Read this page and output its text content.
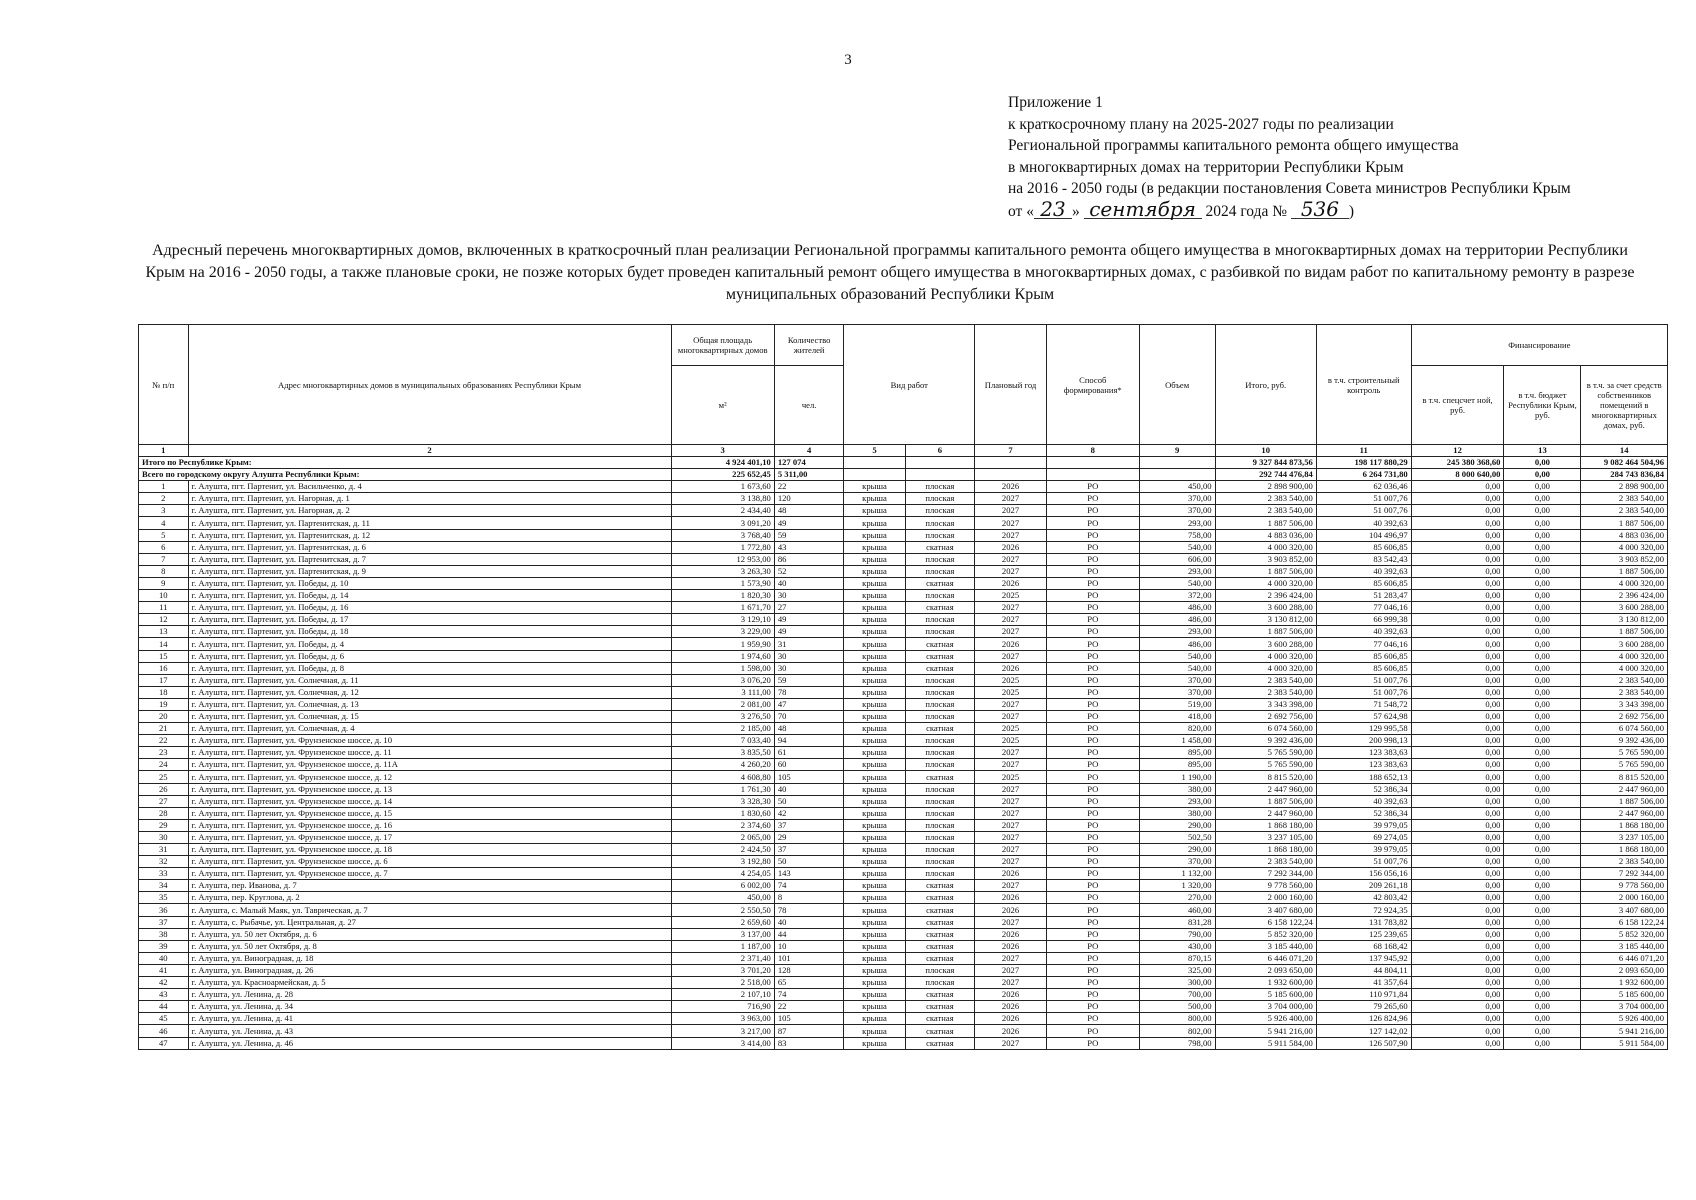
3
Приложение 1
к краткосрочному плану на 2025-2027 годы по реализации
Региональной программы капитального ремонта общего имущества
в многоквартирных домах на территории Республики Крым
на 2016 - 2050 годы (в редакции постановления Совета министров Республики Крым
от « 23 » сентября 2024 года № 536 )
Адресный перечень многоквартирных домов, включенных в краткосрочный план реализации Региональной программы капитального ремонта общего имущества в многоквартирных домах на территории Республики Крым на 2016 - 2050 годы, а также плановые сроки, не позже которых будет проведен капитальный ремонт общего имущества в многоквартирных домах, с разбивкой по видам работ по капитальному ремонту в разрезе муниципальных образований Республики Крым
№ п/п	Адрес многоквартирных домов в муниципальных образованиях Республики Крым	Общая площадь многоквартирных домов	Количество жителей	Вид работ		Плановый год	Способ формирования*	Объем	Итого, руб.	в т.ч. строительный контроль	Финансирование		
		м²	чел.								в т.ч. спецсчет ной, руб.	в т.ч. бюджет Республики Крым, руб.	в т.ч. за счет средств собственников помещений в многоквартирных домах, руб.
1	2	3	4	5	6	7	8	9	10	11	12	13	14
Итого по Республике Крым:		4 924 401,10	127 074						9 327 844 873,56	198 117 880,29	245 380 368,60	0,00	9 082 464 504,96
Всего по городскому округу Алушта Республики Крым:		225 652,45	5 311,00						292 744 476,84	6 264 731,80	8 000 640,00	0,00	284 743 836,84
1	г. Алушта, пгт. Партенит, ул. Васильченко, д. 4	1 673,60	22	крыша	плоская	2026	РО	450,00	2 898 900,00	62 036,46	0,00	0,00	2 898 900,00
2	г. Алушта, пгт. Партенит, ул. Нагорная, д. 1	3 138,80	120	крыша	плоская	2027	РО	370,00	2 383 540,00	51 007,76	0,00	0,00	2 383 540,00
3	г. Алушта, пгт. Партенит, ул. Нагорная, д. 2	2 434,40	48	крыша	плоская	2027	РО	370,00	2 383 540,00	51 007,76	0,00	0,00	2 383 540,00
4	г. Алушта, пгт. Партенит, ул. Партенитская, д. 11	3 091,20	49	крыша	плоская	2027	РО	293,00	1 887 506,00	40 392,63	0,00	0,00	1 887 506,00
5	г. Алушта, пгт. Партенит, ул. Партенитская, д. 12	3 768,40	59	крыша	плоская	2027	РО	758,00	4 883 036,00	104 496,97	0,00	0,00	4 883 036,00
6	г. Алушта, пгт. Партенит, ул. Партенитская, д. 6	1 772,80	43	крыша	скатная	2026	РО	540,00	4 000 320,00	85 606,85	0,00	0,00	4 000 320,00
7	г. Алушта, пгт. Партенит, ул. Партенитская, д. 7	12 953,00	86	крыша	плоская	2027	РО	606,00	3 903 852,00	83 542,43	0,00	0,00	3 903 852,00
8	г. Алушта, пгт. Партенит, ул. Партенитская, д. 9	3 263,30	52	крыша	плоская	2027	РО	293,00	1 887 506,00	40 392,63	0,00	0,00	1 887 506,00
9	г. Алушта, пгт. Партенит, ул. Победы, д. 10	1 573,90	40	крыша	скатная	2026	РО	540,00	4 000 320,00	85 606,85	0,00	0,00	4 000 320,00
10	г. Алушта, пгт. Партенит, ул. Победы, д. 14	1 820,30	30	крыша	плоская	2025	РО	372,00	2 396 424,00	51 283,47	0,00	0,00	2 396 424,00
11	г. Алушта, пгт. Партенит, ул. Победы, д. 16	1 671,70	27	крыша	скатная	2027	РО	486,00	3 600 288,00	77 046,16	0,00	0,00	3 600 288,00
12	г. Алушта, пгт. Партенит, ул. Победы, д. 17	3 129,10	49	крыша	плоская	2027	РО	486,00	3 130 812,00	66 999,38	0,00	0,00	3 130 812,00
13	г. Алушта, пгт. Партенит, ул. Победы, д. 18	3 229,00	49	крыша	плоская	2027	РО	293,00	1 887 506,00	40 392,63	0,00	0,00	1 887 506,00
14	г. Алушта, пгт. Партенит, ул. Победы, д. 4	1 959,90	31	крыша	скатная	2026	РО	486,00	3 600 288,00	77 046,16	0,00	0,00	3 600 288,00
15	г. Алушта, пгт. Партенит, ул. Победы, д. 6	1 974,60	30	крыша	скатная	2027	РО	540,00	4 000 320,00	85 606,85	0,00	0,00	4 000 320,00
16	г. Алушта, пгт. Партенит, ул. Победы, д. 8	1 598,00	30	крыша	скатная	2026	РО	540,00	4 000 320,00	85 606,85	0,00	0,00	4 000 320,00
17	г. Алушта, пгт. Партенит, ул. Солнечная, д. 11	3 076,20	59	крыша	плоская	2025	РО	370,00	2 383 540,00	51 007,76	0,00	0,00	2 383 540,00
18	г. Алушта, пгт. Партенит, ул. Солнечная, д. 12	3 111,00	78	крыша	плоская	2025	РО	370,00	2 383 540,00	51 007,76	0,00	0,00	2 383 540,00
19	г. Алушта, пгт. Партенит, ул. Солнечная, д. 13	2 081,00	47	крыша	плоская	2027	РО	519,00	3 343 398,00	71 548,72	0,00	0,00	3 343 398,00
20	г. Алушта, пгт. Партенит, ул. Солнечная, д. 15	3 276,50	70	крыша	плоская	2027	РО	418,00	2 692 756,00	57 624,98	0,00	0,00	2 692 756,00
21	г. Алушта, пгт. Партенит, ул. Солнечная, д. 4	2 185,00	48	крыша	скатная	2025	РО	820,00	6 074 560,00	129 995,58	0,00	0,00	6 074 560,00
22	г. Алушта, пгт. Партенит, ул. Фрунзенское шоссе, д. 10	7 033,40	94	крыша	плоская	2025	РО	1 458,00	9 392 436,00	200 998,13	0,00	0,00	9 392 436,00
23	г. Алушта, пгт. Партенит, ул. Фрунзенское шоссе, д. 11	3 835,50	61	крыша	плоская	2027	РО	895,00	5 765 590,00	123 383,63	0,00	0,00	5 765 590,00
24	г. Алушта, пгт. Партенит, ул. Фрунзенское шоссе, д. 11А	4 260,20	60	крыша	плоская	2027	РО	895,00	5 765 590,00	123 383,63	0,00	0,00	5 765 590,00
25	г. Алушта, пгт. Партенит, ул. Фрунзенское шоссе, д. 12	4 608,80	105	крыша	скатная	2025	РО	1 190,00	8 815 520,00	188 652,13	0,00	0,00	8 815 520,00
26	г. Алушта, пгт. Партенит, ул. Фрунзенское шоссе, д. 13	1 761,30	40	крыша	плоская	2027	РО	380,00	2 447 960,00	52 386,34	0,00	0,00	2 447 960,00
27	г. Алушта, пгт. Партенит, ул. Фрунзенское шоссе, д. 14	3 328,30	50	крыша	плоская	2027	РО	293,00	1 887 506,00	40 392,63	0,00	0,00	1 887 506,00
28	г. Алушта, пгт. Партенит, ул. Фрунзенское шоссе, д. 15	1 830,60	42	крыша	плоская	2027	РО	380,00	2 447 960,00	52 386,34	0,00	0,00	2 447 960,00
29	г. Алушта, пгт. Партенит, ул. Фрунзенское шоссе, д. 16	2 374,60	37	крыша	плоская	2027	РО	290,00	1 868 180,00	39 979,05	0,00	0,00	1 868 180,00
30	г. Алушта, пгт. Партенит, ул. Фрунзенское шоссе, д. 17	2 065,00	29	крыша	плоская	2027	РО	502,50	3 237 105,00	69 274,05	0,00	0,00	3 237 105,00
31	г. Алушта, пгт. Партенит, ул. Фрунзенское шоссе, д. 18	2 424,50	37	крыша	плоская	2027	РО	290,00	1 868 180,00	39 979,05	0,00	0,00	1 868 180,00
32	г. Алушта, пгт. Партенит, ул. Фрунзенское шоссе, д. 6	3 192,80	50	крыша	плоская	2027	РО	370,00	2 383 540,00	51 007,76	0,00	0,00	2 383 540,00
33	г. Алушта, пгт. Партенит, ул. Фрунзенское шоссе, д. 7	4 254,05	143	крыша	плоская	2026	РО	1 132,00	7 292 344,00	156 056,16	0,00	0,00	7 292 344,00
34	г. Алушта, пер. Иванова, д. 7	6 002,00	74	крыша	скатная	2027	РО	1 320,00	9 778 560,00	209 261,18	0,00	0,00	9 778 560,00
35	г. Алушта, пер. Круглова, д. 2	450,00	8	крыша	скатная	2026	РО	270,00	2 000 160,00	42 803,42	0,00	0,00	2 000 160,00
36	г. Алушта, с. Малый Маяк, ул. Таврическая, д. 7	2 550,50	78	крыша	скатная	2026	РО	460,00	3 407 680,00	72 924,35	0,00	0,00	3 407 680,00
37	г. Алушта, с. Рыбачье, ул. Центральная, д. 27	2 659,60	40	крыша	скатная	2027	РО	831,28	6 158 122,24	131 783,82	0,00	0,00	6 158 122,24
38	г. Алушта, ул. 50 лет Октября, д. 6	3 137,00	44	крыша	скатная	2026	РО	790,00	5 852 320,00	125 239,65	0,00	0,00	5 852 320,00
39	г. Алушта, ул. 50 лет Октября, д. 8	1 187,00	10	крыша	скатная	2026	РО	430,00	3 185 440,00	68 168,42	0,00	0,00	3 185 440,00
40	г. Алушта, ул. Виноградная, д. 18	2 371,40	101	крыша	скатная	2027	РО	870,15	6 446 071,20	137 945,92	0,00	0,00	6 446 071,20
41	г. Алушта, ул. Виноградная, д. 26	3 701,20	128	крыша	плоская	2027	РО	325,00	2 093 650,00	44 804,11	0,00	0,00	2 093 650,00
42	г. Алушта, ул. Красноармейская, д. 5	2 518,00	65	крыша	плоская	2027	РО	300,00	1 932 600,00	41 357,64	0,00	0,00	1 932 600,00
43	г. Алушта, ул. Ленина, д. 28	2 107,10	74	крыша	скатная	2026	РО	700,00	5 185 600,00	110 971,84	0,00	0,00	5 185 600,00
44	г. Алушта, ул. Ленина, д. 34	716,90	22	крыша	скатная	2026	РО	500,00	3 704 000,00	79 265,60	0,00	0,00	3 704 000,00
45	г. Алушта, ул. Ленина, д. 41	3 963,00	105	крыша	скатная	2026	РО	800,00	5 926 400,00	126 824,96	0,00	0,00	5 926 400,00
46	г. Алушта, ул. Ленина, д. 43	3 217,00	87	крыша	скатная	2026	РО	802,00	5 941 216,00	127 142,02	0,00	0,00	5 941 216,00
47	г. Алушта, ул. Ленина, д. 46	3 414,00	83	крыша	скатная	2027	РО	798,00	5 911 584,00	126 507,90	0,00	0,00	5 911 584,00
